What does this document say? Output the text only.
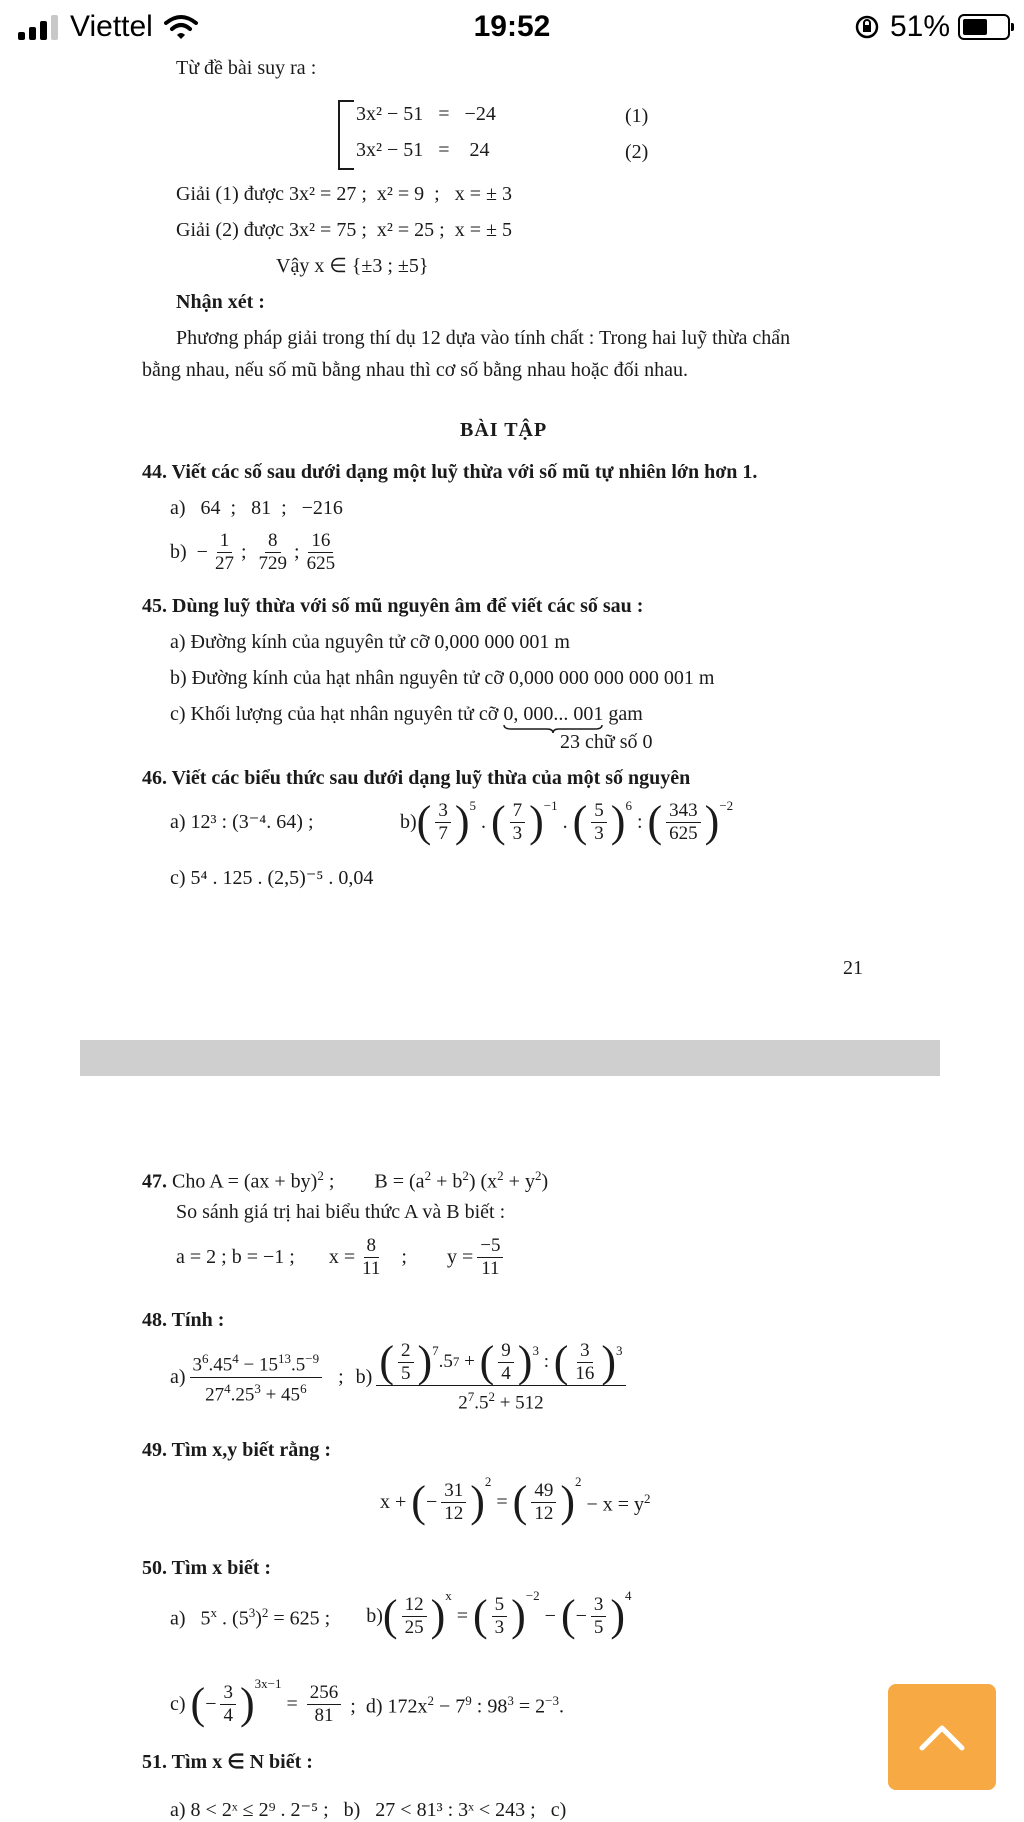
Viettel	19:52	51%
Từ đề bài suy ra :
3x² − 51   =   −24	(1)
3x² − 51   =    24	(2)
Giải (1) được 3x² = 27 ;  x² = 9  ;   x = ± 3
Giải (2) được 3x² = 75 ;  x² = 25 ;  x = ± 5
Vậy x ∈ {±3 ; ±5}
Nhận xét :
Phương pháp giải trong thí dụ 12 dựa vào tính chất : Trong hai luỹ thừa chẩn
bằng nhau, nếu số mũ bằng nhau thì cơ số bằng nhau hoặc đối nhau.
BÀI TẬP
44. Viết các số sau dưới dạng một luỹ thừa với số mũ tự nhiên lớn hơn 1.
a)   64  ;   81  ;   −216
$b) - \frac{1}{27}$ ; $\frac{8}{729}$ ; $\frac{16}{625}$
45. Dùng luỹ thừa với số mũ nguyên âm để viết các số sau :
a) Đường kính của nguyên tử cỡ 0,000 000 001 m
b) Đường kính của hạt nhân nguyên tử cỡ 0,000 000 000 000 001 m
c) Khối lượng của hạt nhân nguyên tử cỡ 0, 000... 00
1 gam
23 chữ số 0
46. Viết các biểu thức sau dưới dạng luỹ thừa của một số nguyên
a) 12³ : (3⁻⁴. 64) ;	b) ( $\frac{3}{7} )^5$
. ( $\frac{7}{3} )^{-1}$
. ( $\frac{5}{3} )^6$
: ( $\frac{343}{625} )^{-2}$
c) 5⁴ . 125 . (2,5)⁻⁵ . 0,04
21
47. Cho A = (ax + by)$^2$ ;        $B = (a^2 + b^2) (x^2 + y^2)$
So sánh giá trị hai biểu thức A và B biết :
a = 2 ; b = −1 ; $x = \frac{8}{11}$ ; $y = \frac{-5}{11}$
48. Tính :
$a) \frac{3^6.45^4 - 15^{13}.5^{-9}}{27^4.25^3 + 45^6}$ ; b) ( $\frac{2}{5} )^7$
$.5_7$ + ( $\frac{9}{4} )^3$
: ( $\frac{3}{16} )^3$
$2^7.5^2 + 512$
49. Tìm x,y biết rằng :
x + ( − $\frac{31}{12} )^2$
= ( $\frac{49}{12} )^2$
− $x = y^2$
50. Tìm x biết :
a)   5$^x$ . $(5^3)^2 = 625$ ; b) ( $\frac{12}{25} )^x$
= ( $\frac{5}{3} )^{-2}$
− ( − $\frac{3}{5} )^4$
c) ( − $\frac{3}{4} )^{3x-1}$
= $\frac{256}{81}$ ;  d) $172x^2 - 7^9$ : $98^3 = 2^{-3}$.
51. Tìm x ∈ N biết :
a) 8 < 2ˣ ≤ 2⁹ . 2⁻⁵ ;   b)   27 < 81³ : 3ˣ < 243 ;   c)
